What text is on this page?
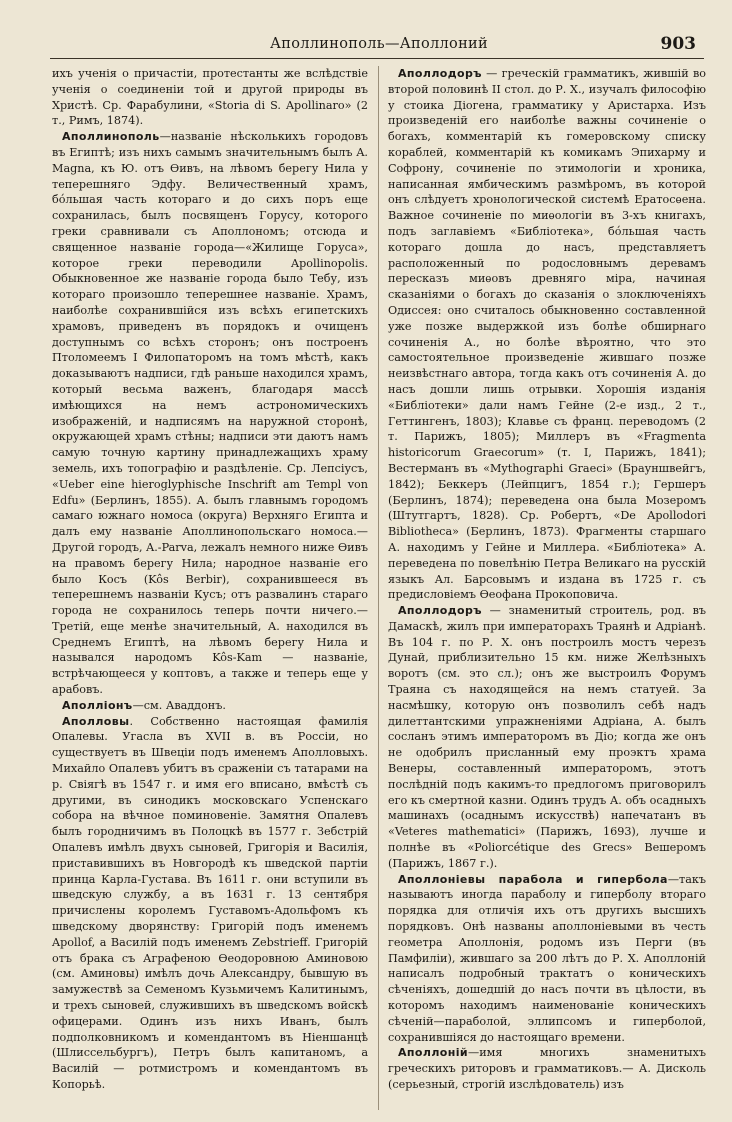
Аполлинополь—Аполлоний	903

ихъ ученія о причастіи, протестанты же вслѣдствіе ученія о соединеніи той и другой природы въ Христѣ. Ср. Фарабулини, «Storia di S. Apollinaro» (2 т., Римъ, 1874).

Аполлинополь—названіе нѣсколькихъ городовъ въ Египтѣ; изъ нихъ самымъ значительнымъ былъ A. Magna, къ Ю. отъ Ѳивъ, на лѣвомъ берегу Нила у теперешняго Эдфу. Величественный храмъ, бóльшая часть котораго и до сихъ поръ еще сохранилась, былъ посвященъ Горусу, которого греки сравнивали съ Аполлономъ; отсюда и священное названіе города—«Жилище Горуса», которое греки переводили Apollinopolis. Обыкновенное же названіе города было Тебу, изъ котораго произошло теперешнее названіе. Храмъ, наиболѣе сохранившійся изъ всѣхъ египетскихъ храмовъ, приведенъ въ порядокъ и очищенъ доступнымъ со всѣхъ сторонъ; онъ построенъ Птоломеемъ I Филопаторомъ на томъ мѣстѣ, какъ доказываютъ надписи, гдѣ раньше находился храмъ, который весьма важенъ, благодаря массѣ имѣющихся на немъ астрономическихъ изображеній, и надписямъ на наружной сторонѣ, окружающей храмъ стѣны; надписи эти даютъ намъ самую точную картину принадлежащихъ храму земель, ихъ топографію и раздѣленіе. Ср. Лепсіусъ, «Ueber eine hieroglyphische Inschrift am Templ von Edfu» (Берлинъ, 1855). А. былъ главнымъ городомъ самаго южнаго номоса (округа) Верхняго Египта и далъ ему названіе Аполлинопольскаго номоса.—Другой городъ, A.-Parva, лежалъ немного ниже Ѳивъ на правомъ берегу Нила; народное названіе его было Косъ (Kôs Berbir), сохранившееся въ теперешнемъ названіи Кусъ; отъ развалинъ стараго города не сохранилось теперь почти ничего.—Третій, еще менѣе значительный, А. находился въ Среднемъ Египтѣ, на лѣвомъ берегу Нила и назывался народомъ Kôs-Kam — названіе, встрѣчающееся у коптовъ, а также и теперь еще у арабовъ.

Аполліонъ—см. Аваддонъ.

Аполловы. Собственно настоящая фамилія Опалевы. Угасла въ XVII в. въ Россіи, но существуетъ въ Швеціи подъ именемъ Аполловыхъ. Михайло Опалевъ убитъ въ сраженіи съ татарами на р. Свіягѣ въ 1547 г. и имя его вписано, вмѣстѣ съ другими, въ синодикъ московскаго Успенскаго собора на вѣчное поминовеніе. Замятня Опалевъ былъ городничимъ въ Полоцкѣ въ 1577 г. Зебстрій Опалевъ имѣлъ двухъ сыновей, Григорія и Василія, приставившихъ въ Новгородѣ къ шведской партіи принца Карла-Густава. Въ 1611 г. они вступили въ шведскую службу, а въ 1631 г. 13 сентября причислены королемъ Густавомъ-Адольфомъ къ шведскому дворянству: Григорій подъ именемъ Apollof, а Василій подъ именемъ Zebstrieff. Григорій отъ брака съ Аграфеною Ѳеодоровною Аминовою (см. Аминовы) имѣлъ дочь Александру, бывшую въ замужествѣ за Семеномъ Кузьмичемъ Калитинымъ, и трехъ сыновей, служившихъ въ шведскомъ войскѣ офицерами. Одинъ изъ нихъ Иванъ, былъ подполковникомъ и комендантомъ въ Ніеншанцѣ (Шлиссельбургъ), Петръ былъ капитаномъ, а Василій — ротмистромъ и комендантомъ въ Копорьѣ.

Аполлодоръ — греческій грамматикъ, жившій во второй половинѣ II стол. до Р. Х., изучалъ философію у стоика Діогена, грамматику у Аристарха. Изъ произведеній его наиболѣе важны сочиненіе о богахъ, комментарій къ гомеровскому списку кораблей, комментарій къ комикамъ Эпихарму и Софрону, сочиненіе по этимологіи и хроника, написанная ямбическимъ размѣромъ, въ которой онъ слѣдуетъ хронологической системѣ Ератосѳена. Важное сочиненіе по миѳологіи въ 3-хъ книгахъ, подъ заглавіемъ «Библіотека», бóльшая часть котораго дошла до насъ, представляетъ расположенный по родословнымъ деревамъ пересказъ миѳовъ древняго міра, начиная сказаніями о богахъ до сказанія о злоключеніяхъ Одиссея: оно считалось обыкновенно составленной уже позже выдержкой изъ болѣе обширнаго сочиненія А., но болѣе вѣроятно, что это самостоятельное произведеніе жившаго позже неизвѣстнаго автора, тогда какъ отъ сочиненія А. до насъ дошли лишь отрывки. Хорошія изданія «Библіотеки» дали намъ Гейне (2-е изд., 2 т., Геттингенъ, 1803); Клавье съ франц. переводомъ (2 т. Парижъ, 1805); Миллеръ въ «Fragmenta historicorum Graecorum» (т. I, Парижъ, 1841); Вестерманъ въ «Mythographi Graeci» (Брауншвейгъ, 1842); Беккеръ (Лейпцигъ, 1854 г.); Гершеръ (Берлинъ, 1874); переведена она была Мозеромъ (Штутгартъ, 1828). Ср. Робертъ, «De Apollodori Bibliotheca» (Берлинъ, 1873). Фрагменты старшаго А. находимъ у Гейне и Миллера. «Библіотека» А. переведена по повелѣнію Петра Великаго на русскій языкъ Ал. Барсовымъ и издана въ 1725 г. съ предисловіемъ Ѳеофана Прокоповича.

Аполлодоръ — знаменитый строитель, род. въ Дамаскѣ, жилъ при императорахъ Траянѣ и Адріанѣ. Въ 104 г. по Р. Х. онъ построилъ мостъ черезъ Дунай, приблизительно 15 км. ниже Желѣзныхъ воротъ (см. это сл.); онъ же выстроилъ Форумъ Траяна съ находящейся на немъ статуей. За насмѣшку, которую онъ позволилъ себѣ надъ дилеттантскими упражненіями Адріана, А. былъ сосланъ этимъ императоромъ въ Діо; когда же онъ не одобрилъ присланный ему проэктъ храма Венеры, составленный императоромъ, этотъ послѣдній подъ какимъ-то предлогомъ приговорилъ его къ смертной казни. Одинъ трудъ А. объ осадныхъ машинахъ (осаднымъ искусствѣ) напечатанъ въ «Veteres mathematici» (Парижъ, 1693), лучше и полнѣе въ «Poliorcétique des Grecs» Вешеромъ (Парижъ, 1867 г.).

Аполлоніевы парабола и гипербола—такъ называютъ иногда параболу и гиперболу втораго порядка для отличія ихъ отъ другихъ высшихъ порядковъ. Онѣ названы аполлоніевыми въ честь геометра Аполлонія, родомъ изъ Перги (въ Памфиліи), жившаго за 200 лѣтъ до Р. Х. Аполлоній написалъ подробный трактатъ о коническихъ сѣченіяхъ, дошедшій до насъ почти въ цѣлости, въ которомъ находимъ наименованіе коническихъ сѣченій—параболой, эллипсомъ и гиперболой, сохранившіяся до настоящаго времени.

Аполлоній—имя многихъ знаменитыхъ греческихъ риторовъ и грамматиковъ.— А. Дисколь (серьезный, строгій изслѣдователь) изъ
